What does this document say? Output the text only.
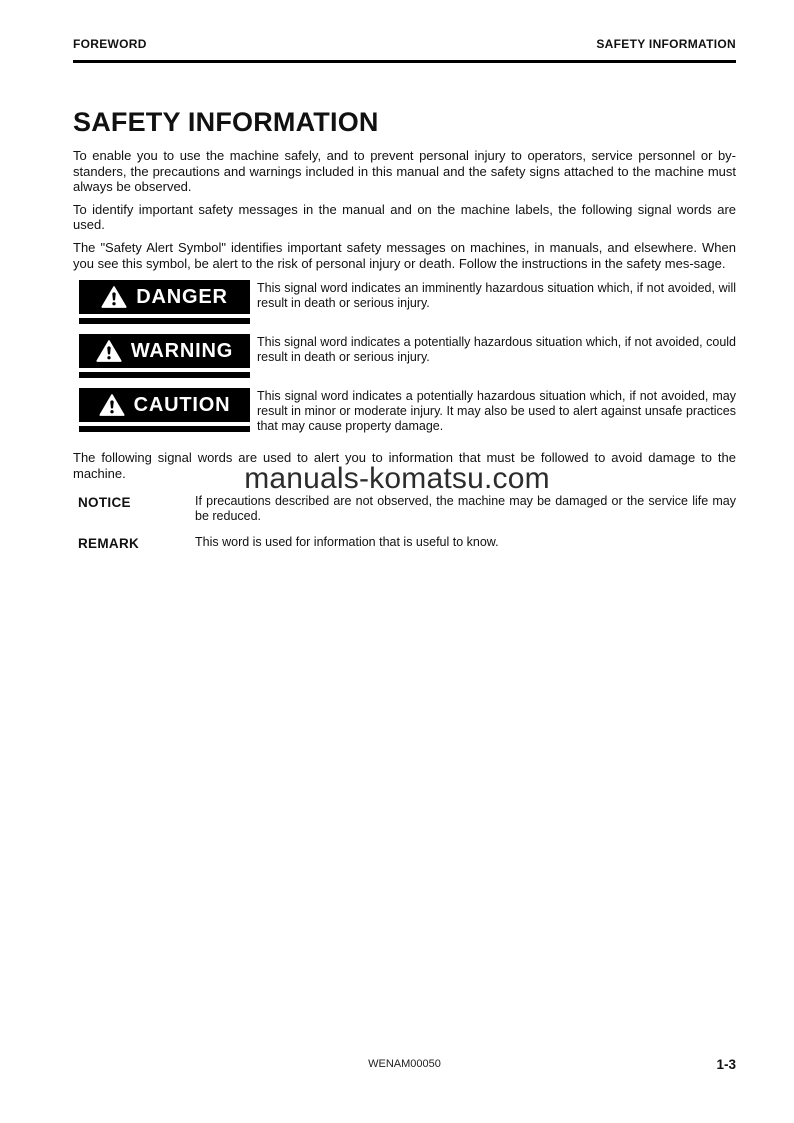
FOREWORD	SAFETY INFORMATION
SAFETY INFORMATION

To enable you to use the machine safely, and to prevent personal injury to operators, service personnel or by-standers, the precautions and warnings included in this manual and the safety signs attached to the machine must always be observed.

To identify important safety messages in the manual and on the machine labels, the following signal words are used.

The "Safety Alert Symbol" identifies important safety messages on machines, in manuals, and elsewhere. When you see this symbol, be alert to the risk of personal injury or death. Follow the instructions in the safety mes-sage.

DANGER This signal word indicates an imminently hazardous situation which, if not avoided, will result in death or serious injury.
WARNING This signal word indicates a potentially hazardous situation which, if not avoided, could result in death or serious injury.
CAUTION This signal word indicates a potentially hazardous situation which, if not avoided, may result in minor or moderate injury. It may also be used to alert against unsafe practices that may cause property damage.

The following signal words are used to alert you to information that must be followed to avoid damage to the machine.

NOTICE	If precautions described are not observed, the machine may be damaged or the service life may be reduced.
REMARK	This word is used for information that is useful to know.
manuals-komatsu.com
WENAM00050	1-3
